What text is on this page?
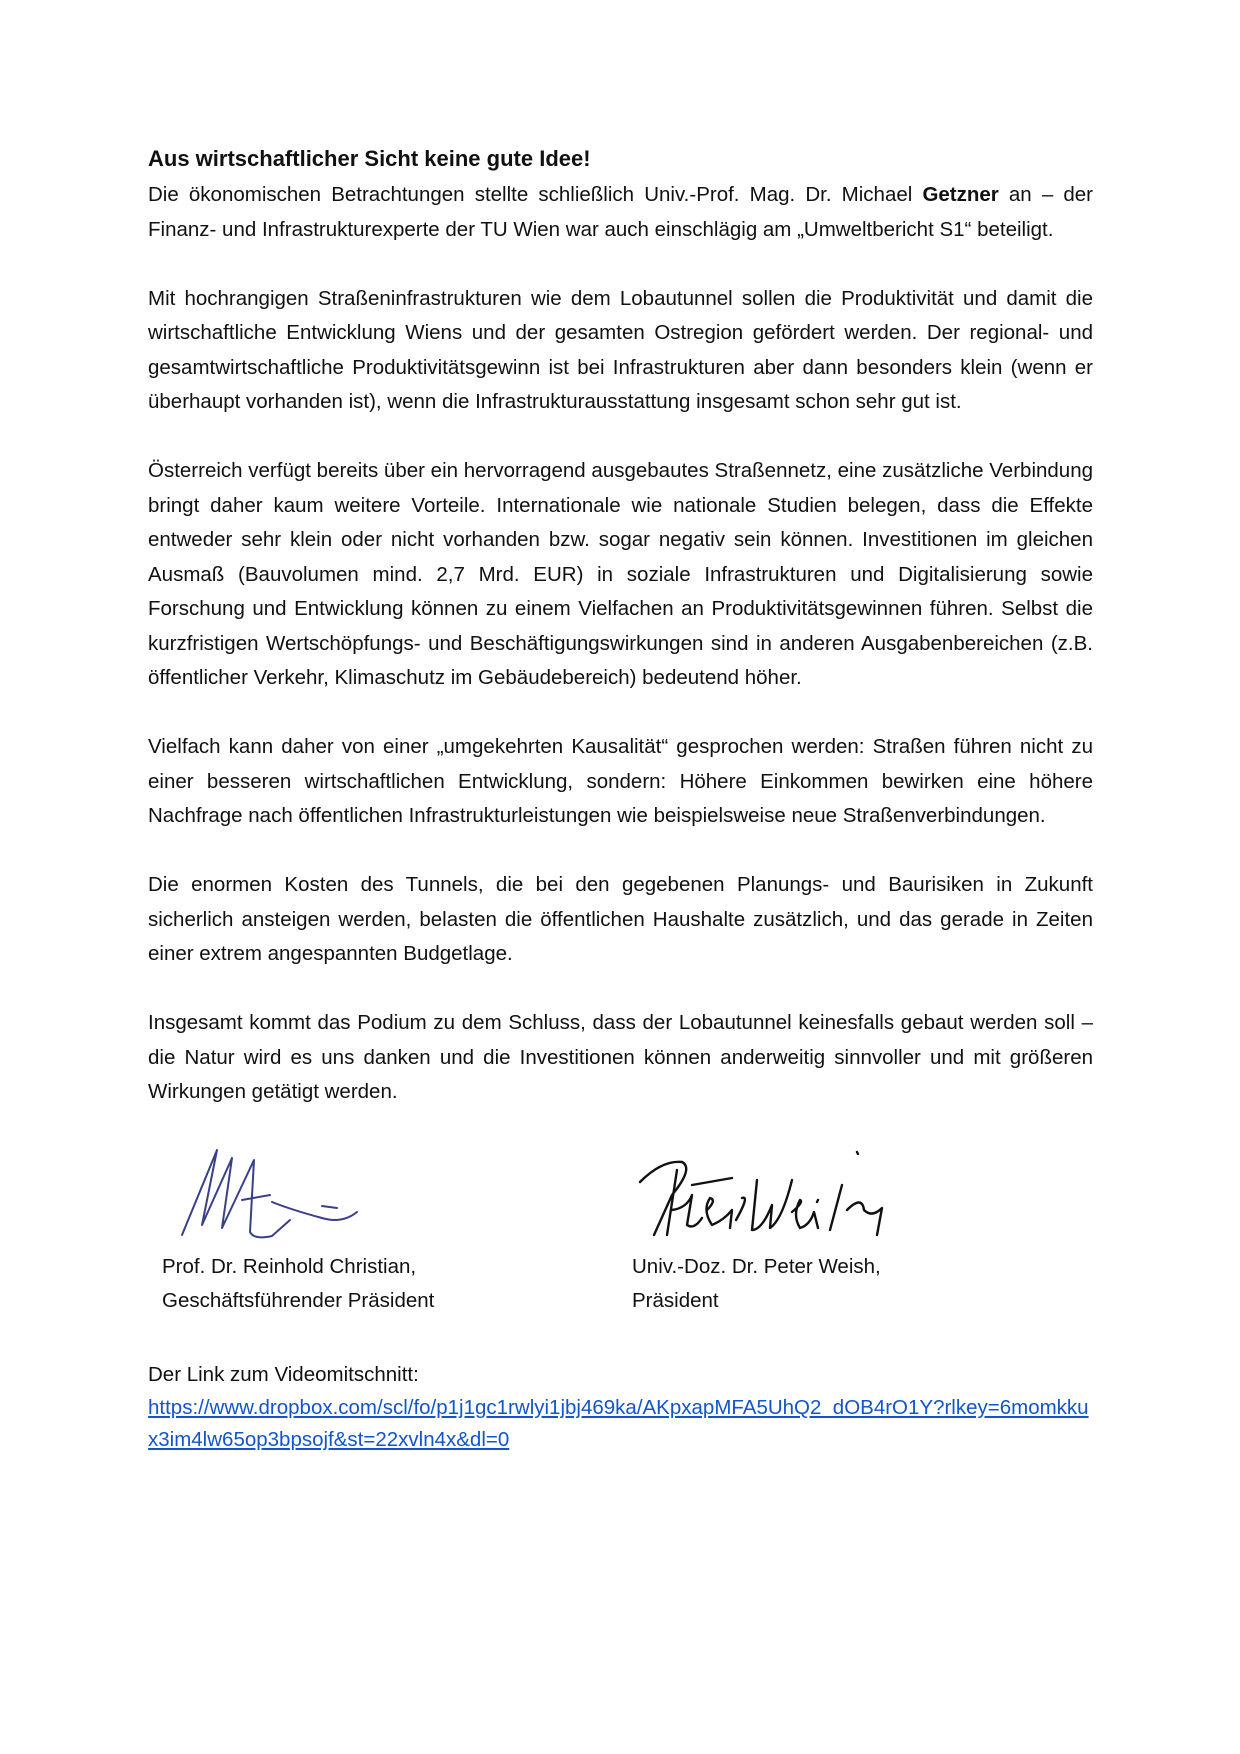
Aus wirtschaftlicher Sicht keine gute Idee!

Die ökonomischen Betrachtungen stellte schließlich Univ.-Prof. Mag. Dr. Michael Getzner an – der Finanz- und Infrastrukturexperte der TU Wien war auch einschlägig am „Umweltbericht S1“ beteiligt.

Mit hochrangigen Straßeninfrastrukturen wie dem Lobautunnel sollen die Produktivität und damit die wirtschaftliche Entwicklung Wiens und der gesamten Ostregion gefördert werden. Der regional- und gesamtwirtschaftliche Produktivitätsgewinn ist bei Infrastrukturen aber dann besonders klein (wenn er überhaupt vorhanden ist), wenn die Infrastrukturausstattung insgesamt schon sehr gut ist.

Österreich verfügt bereits über ein hervorragend ausgebautes Straßennetz, eine zusätzliche Verbindung bringt daher kaum weitere Vorteile. Internationale wie nationale Studien belegen, dass die Effekte entweder sehr klein oder nicht vorhanden bzw. sogar negativ sein können. Investitionen im gleichen Ausmaß (Bauvolumen mind. 2,7 Mrd. EUR) in soziale Infrastrukturen und Digitalisierung sowie Forschung und Entwicklung können zu einem Vielfachen an Produktivitätsgewinnen führen. Selbst die kurzfristigen Wertschöpfungs- und Beschäftigungswirkungen sind in anderen Ausgabenbereichen (z.B. öffentlicher Verkehr, Klimaschutz im Gebäudebereich) bedeutend höher.

Vielfach kann daher von einer „umgekehrten Kausalität“ gesprochen werden: Straßen führen nicht zu einer besseren wirtschaftlichen Entwicklung, sondern: Höhere Einkommen bewirken eine höhere Nachfrage nach öffentlichen Infrastrukturleistungen wie beispielsweise neue Straßenverbindungen.

Die enormen Kosten des Tunnels, die bei den gegebenen Planungs- und Baurisiken in Zukunft sicherlich ansteigen werden, belasten die öffentlichen Haushalte zusätzlich, und das gerade in Zeiten einer extrem angespannten Budgetlage.

Insgesamt kommt das Podium zu dem Schluss, dass der Lobautunnel keinesfalls gebaut werden soll – die Natur wird es uns danken und die Investitionen können anderweitig sinnvoller und mit größeren Wirkungen getätigt werden.

Prof. Dr. Reinhold Christian,

Geschäftsführender Präsident

Univ.-Doz. Dr. Peter Weish,

Präsident

Der Link zum Videomitschnitt:

https://www.dropbox.com/scl/fo/p1j1gc1rwlyi1jbj469ka/AKpxapMFA5UhQ2_dOB4rO1Y?rlkey=6momkkux3im4lw65op3bpsojf&st=22xvln4x&dl=0
